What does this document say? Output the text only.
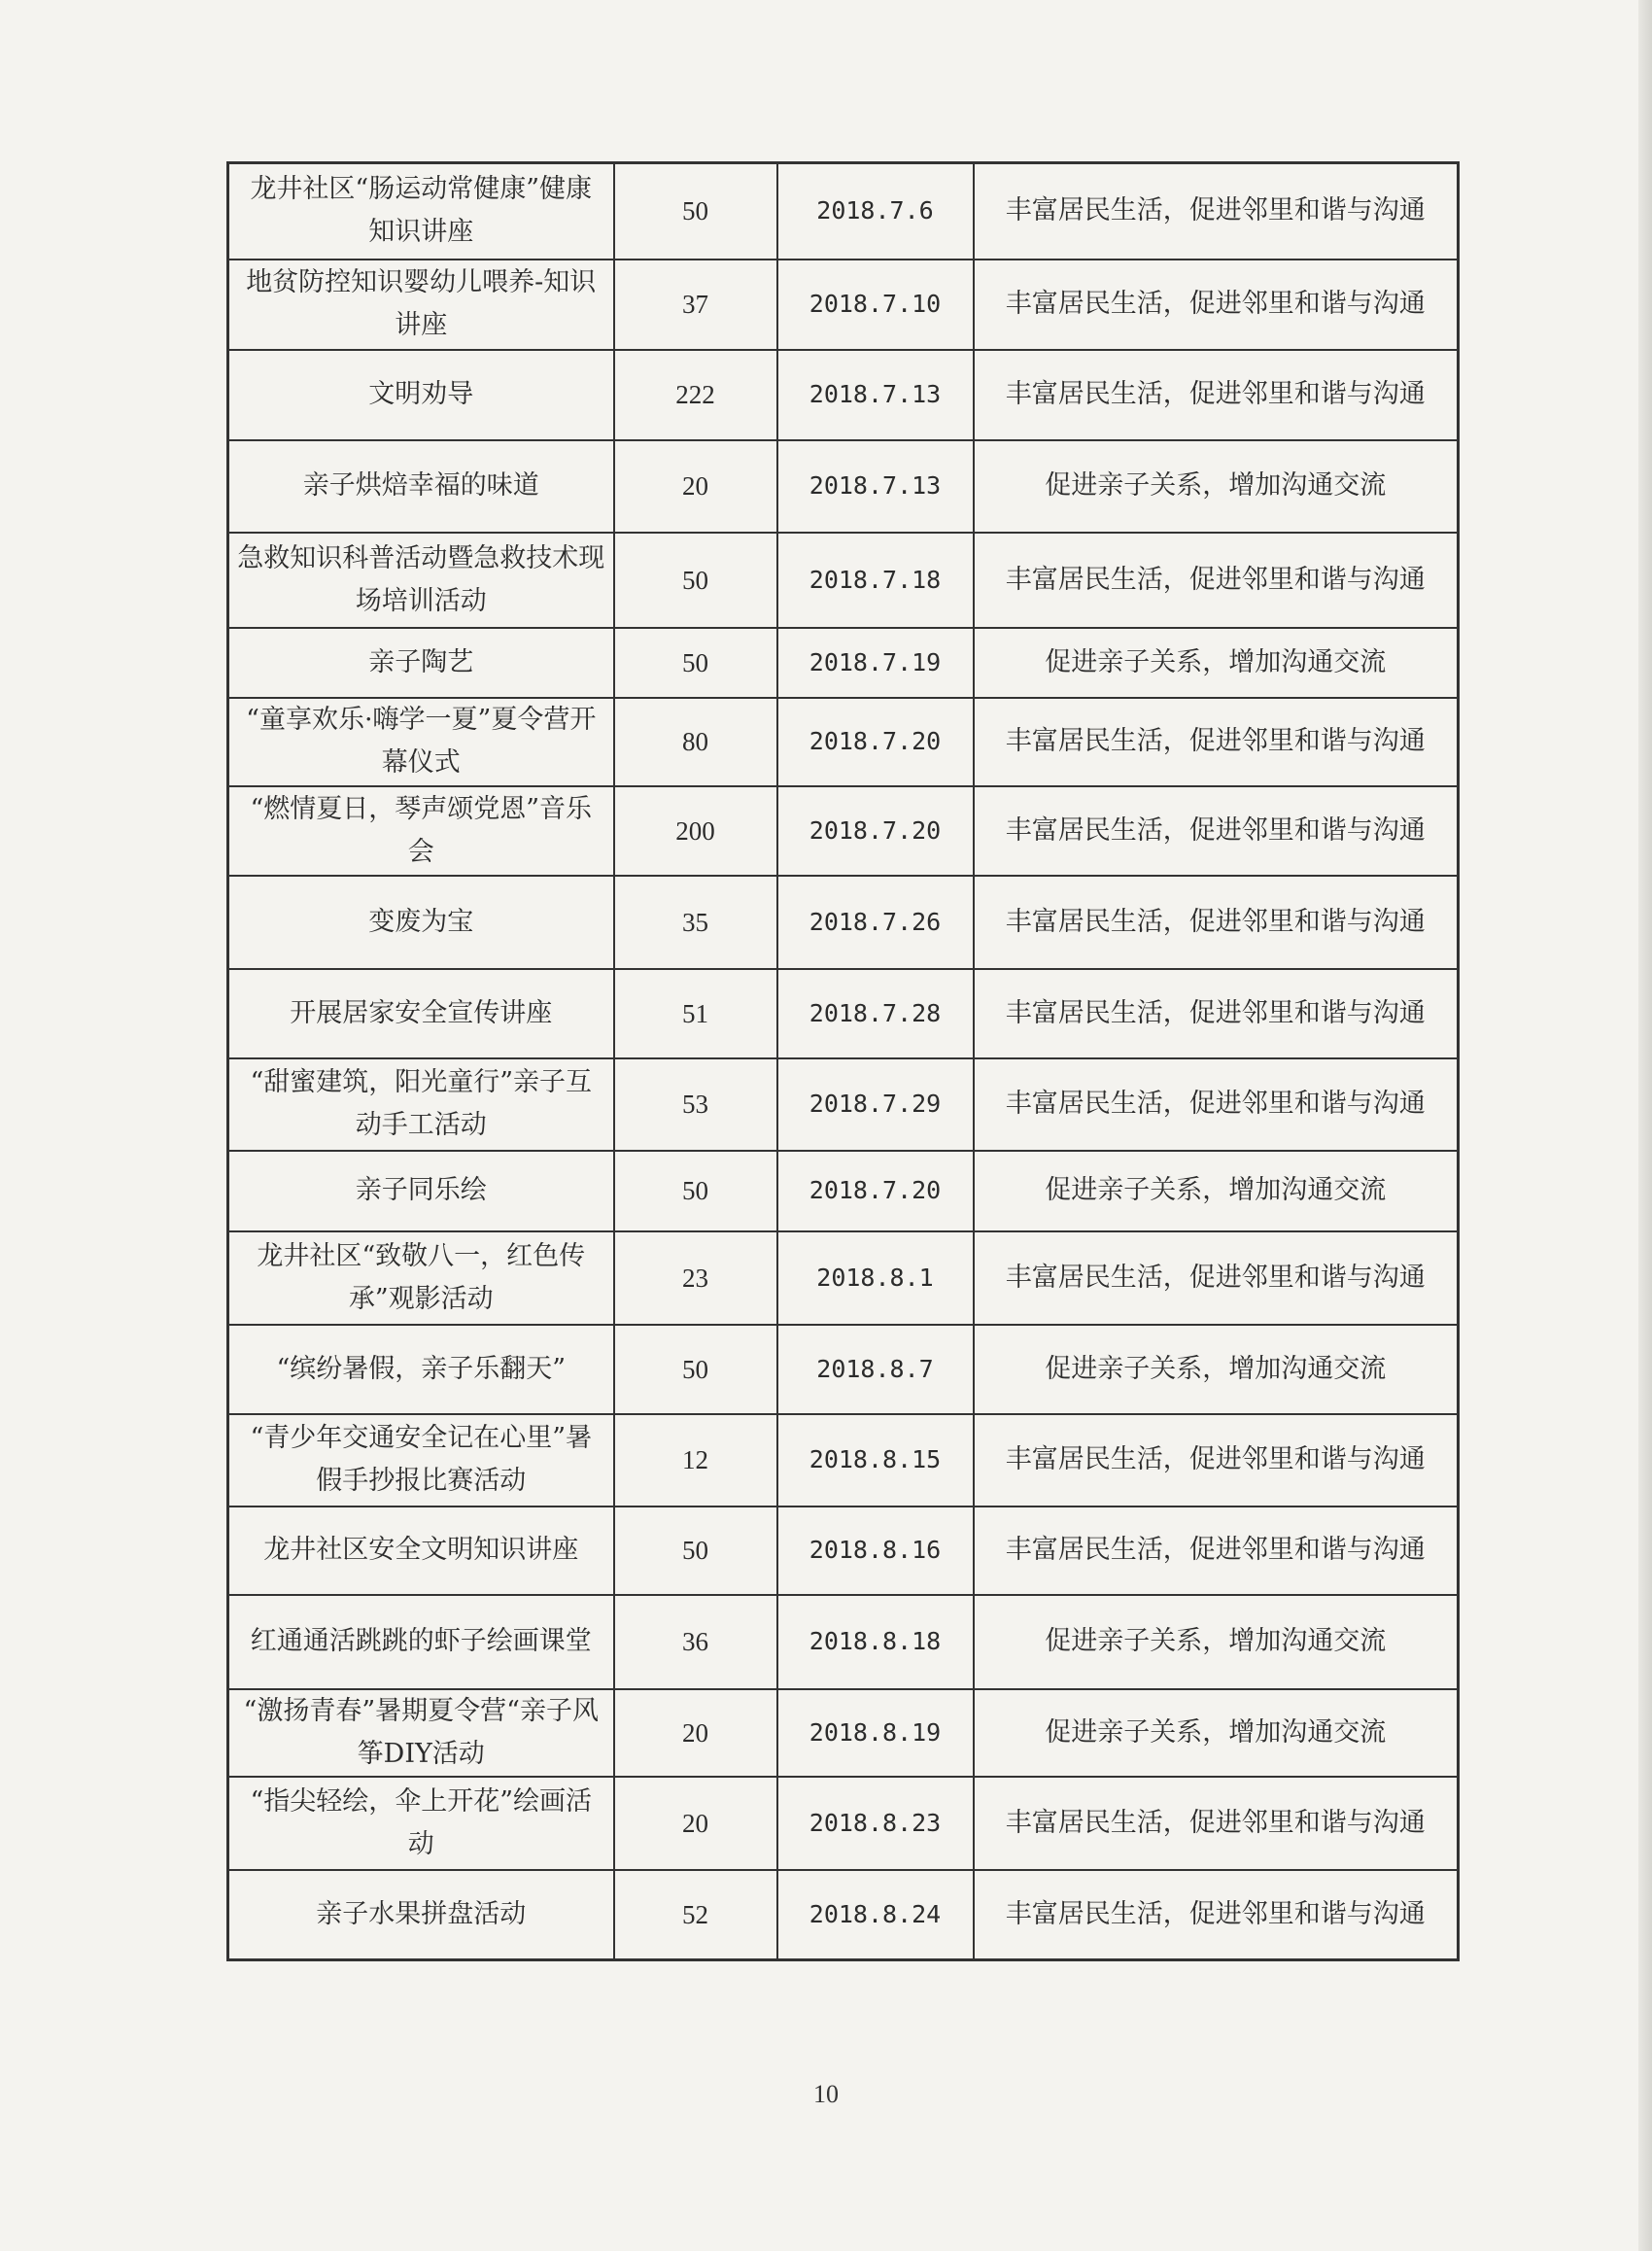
龙井社区“肠运动常健康”健康知识讲座	50	2018.7.6	丰富居民生活，促进邻里和谐与沟通
地贫防控知识婴幼儿喂养-知识讲座	37	2018.7.10	丰富居民生活，促进邻里和谐与沟通
文明劝导	222	2018.7.13	丰富居民生活，促进邻里和谐与沟通
亲子烘焙幸福的味道	20	2018.7.13	促进亲子关系，增加沟通交流
急救知识科普活动暨急救技术现场培训活动	50	2018.7.18	丰富居民生活，促进邻里和谐与沟通
亲子陶艺	50	2018.7.19	促进亲子关系，增加沟通交流
“童享欢乐·嗨学一夏”夏令营开幕仪式	80	2018.7.20	丰富居民生活，促进邻里和谐与沟通
“燃情夏日，琴声颂党恩”音乐会	200	2018.7.20	丰富居民生活，促进邻里和谐与沟通
变废为宝	35	2018.7.26	丰富居民生活，促进邻里和谐与沟通
开展居家安全宣传讲座	51	2018.7.28	丰富居民生活，促进邻里和谐与沟通
“甜蜜建筑，阳光童行”亲子互动手工活动	53	2018.7.29	丰富居民生活，促进邻里和谐与沟通
亲子同乐绘	50	2018.7.20	促进亲子关系，增加沟通交流
龙井社区“致敬八一，红色传承”观影活动	23	2018.8.1	丰富居民生活，促进邻里和谐与沟通
“缤纷暑假，亲子乐翻天”	50	2018.8.7	促进亲子关系，增加沟通交流
“青少年交通安全记在心里”暑假手抄报比赛活动	12	2018.8.15	丰富居民生活，促进邻里和谐与沟通
龙井社区安全文明知识讲座	50	2018.8.16	丰富居民生活，促进邻里和谐与沟通
红通通活跳跳的虾子绘画课堂	36	2018.8.18	促进亲子关系，增加沟通交流
“激扬青春”暑期夏令营“亲子风筝DIY活动	20	2018.8.19	促进亲子关系，增加沟通交流
“指尖轻绘，伞上开花”绘画活动	20	2018.8.23	丰富居民生活，促进邻里和谐与沟通
亲子水果拼盘活动	52	2018.8.24	丰富居民生活，促进邻里和谐与沟通
10
